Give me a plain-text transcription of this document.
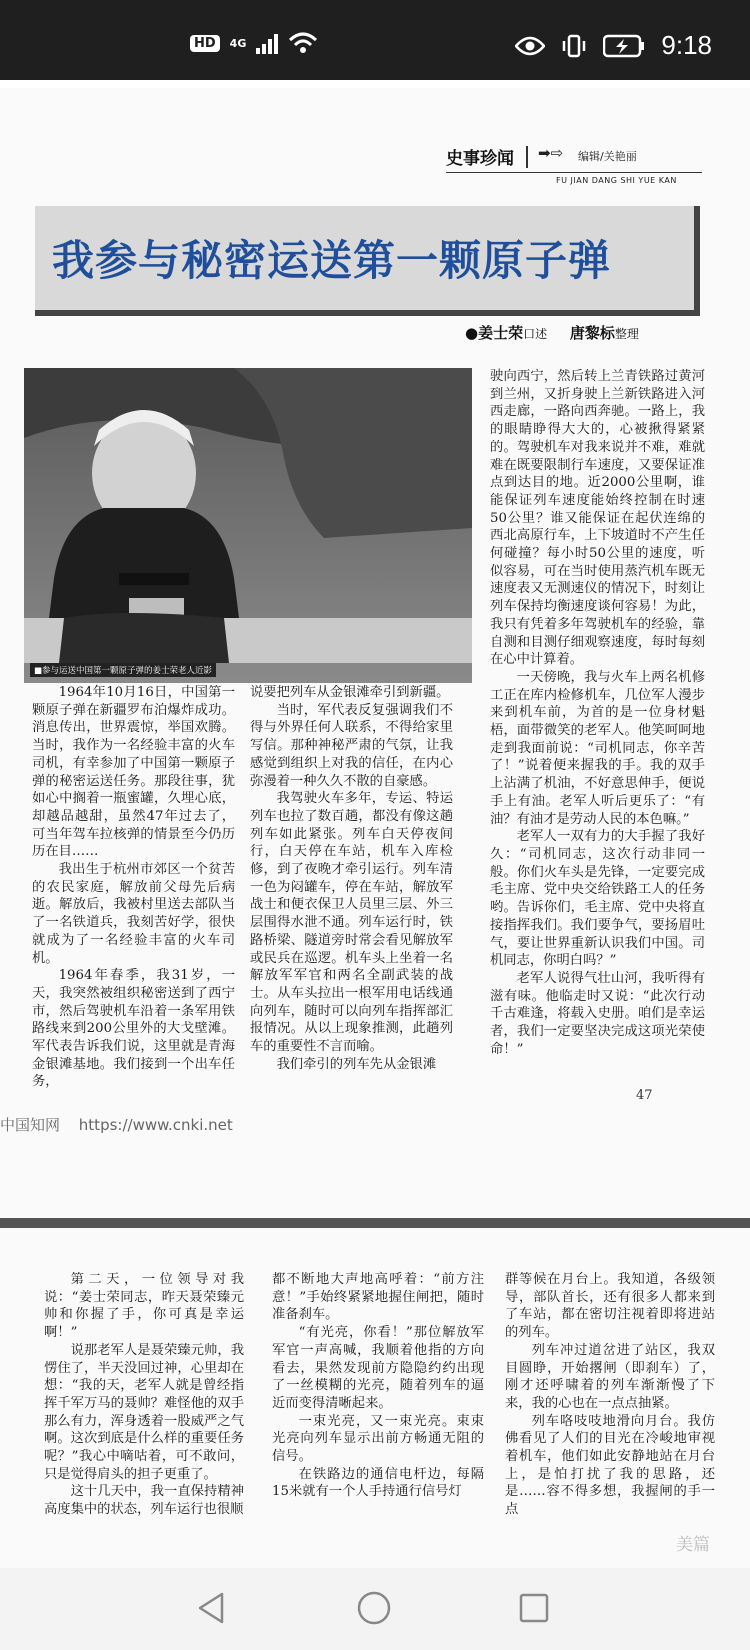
HD	4G	9:18
史事珍闻 ➡⇨ 编辑/关艳丽
FU JIAN DANG SHI YUE KAN
我参与秘密运送第一颗原子弹
●姜士荣口述 唐黎标整理
■参与运送中国第一颗原子弹的姜士荣老人近影

1964年10月16日，中国第一颗原子弹在新疆罗布泊爆炸成功。消息传出，世界震惊，举国欢腾。当时，我作为一名经验丰富的火车司机，有幸参加了中国第一颗原子弹的秘密运送任务。那段往事，犹如心中搁着一瓶蜜罐，久埋心底，却越品越甜，虽然47年过去了，可当年驾车拉核弹的情景至今仍历历在目……

我出生于杭州市郊区一个贫苦的农民家庭，解放前父母先后病逝。解放后，我被村里送去部队当了一名铁道兵，我刻苦好学，很快就成为了一名经验丰富的火车司机。

1964年春季，我31岁，一天，我突然被组织秘密送到了西宁市，然后驾驶机车沿着一条军用铁路线来到200公里外的大戈壁滩。军代表告诉我们说，这里就是青海金银滩基地。我们接到一个出车任务，

说要把列车从金银滩牵引到新疆。

当时，军代表反复强调我们不得与外界任何人联系，不得给家里写信。那种神秘严肃的气氛，让我感觉到组织上对我的信任，在内心弥漫着一种久久不散的自豪感。

我驾驶火车多年，专运、特运列车也拉了数百趟，都没有像这趟列车如此紧张。列车白天停夜间行，白天停在车站，机车入库检修，到了夜晚才牵引运行。列车清一色为闷罐车，停在车站，解放军战士和便衣保卫人员里三层、外三层围得水泄不通。列车运行时，铁路桥梁、隧道旁时常会看见解放军或民兵在巡逻。机车头上坐着一名解放军军官和两名全副武装的战士。从车头拉出一根军用电话线通向列车，随时可以向列车指挥部汇报情况。从以上现象推测，此趟列车的重要性不言而喻。

我们牵引的列车先从金银滩

驶向西宁，然后转上兰青铁路过黄河到兰州，又折身驶上兰新铁路进入河西走廊，一路向西奔驰。一路上，我的眼睛睁得大大的，心被揪得紧紧的。驾驶机车对我来说并不难，难就难在既要限制行车速度，又要保证准点到达目的地。近2000公里啊，谁能保证列车速度能始终控制在时速50公里？谁又能保证在起伏连绵的西北高原行车，上下坡道时不产生任何碰撞？每小时50公里的速度，听似容易，可在当时使用蒸汽机车既无速度表又无测速仪的情况下，时刻让列车保持均衡速度谈何容易！为此，我只有凭着多年驾驶机车的经验，靠自测和目测仔细观察速度，每时每刻在心中计算着。

一天傍晚，我与火车上两名机修工正在库内检修机车，几位军人漫步来到机车前，为首的是一位身材魁梧，面带微笑的老军人。他笑呵呵地走到我面前说：“司机同志，你辛苦了！”说着便来握我的手。我的双手上沾满了机油，不好意思伸手，便说手上有油。老军人听后更乐了：“有油？有油才是劳动人民的本色嘛。”

老军人一双有力的大手握了我好久：“司机同志，这次行动非同一般。你们火车头是先锋，一定要完成毛主席、党中央交给铁路工人的任务哟。告诉你们，毛主席、党中央将直接指挥我们。我们要争气，要扬眉吐气，要让世界重新认识我们中国。司机同志，你明白吗？”

老军人说得气壮山河，我听得有滋有味。他临走时又说：“此次行动千古难逢，将载入史册。咱们是幸运者，我们一定要坚决完成这项光荣使命！”

47
中国知网 https://www.cnki.net

第二天，一位领导对我说：“姜士荣同志，昨天聂荣臻元帅和你握了手，你可真是幸运啊！”

说那老军人是聂荣臻元帅，我愣住了，半天没回过神，心里却在想：“我的天，老军人就是曾经指挥千军万马的聂帅？难怪他的双手那么有力，浑身透着一股威严之气啊。这次到底是什么样的重要任务呢？”我心中嘀咕着，可不敢问，只是觉得肩头的担子更重了。

这十几天中，我一直保持精神高度集中的状态，列车运行也很顺

都不断地大声地高呼着：“前方注意！”手始终紧紧地握住闸把，随时准备刹车。

“有光亮，你看！”那位解放军军官一声高喊，我顺着他指的方向看去，果然发现前方隐隐约约出现了一丝模糊的光亮，随着列车的逼近而变得清晰起来。

一束光亮，又一束光亮。束束光亮向列车显示出前方畅通无阻的信号。

在铁路边的通信电杆边，每隔15米就有一个人手持通行信号灯

群等候在月台上。我知道，各级领导，部队首长，还有很多人都来到了车站，都在密切注视着即将进站的列车。

列车冲过道岔进了站区，我双目圆睁，开始撂闸（即刹车）了，刚才还呼啸着的列车渐渐慢了下来，我的心也在一点点抽紧。

列车咯吱吱地滑向月台。我仿佛看见了人们的目光在冷峻地审视着机车，他们如此安静地站在月台上，是怕打扰了我的思路，还是……容不得多想，我握闸的手一点

美篇
